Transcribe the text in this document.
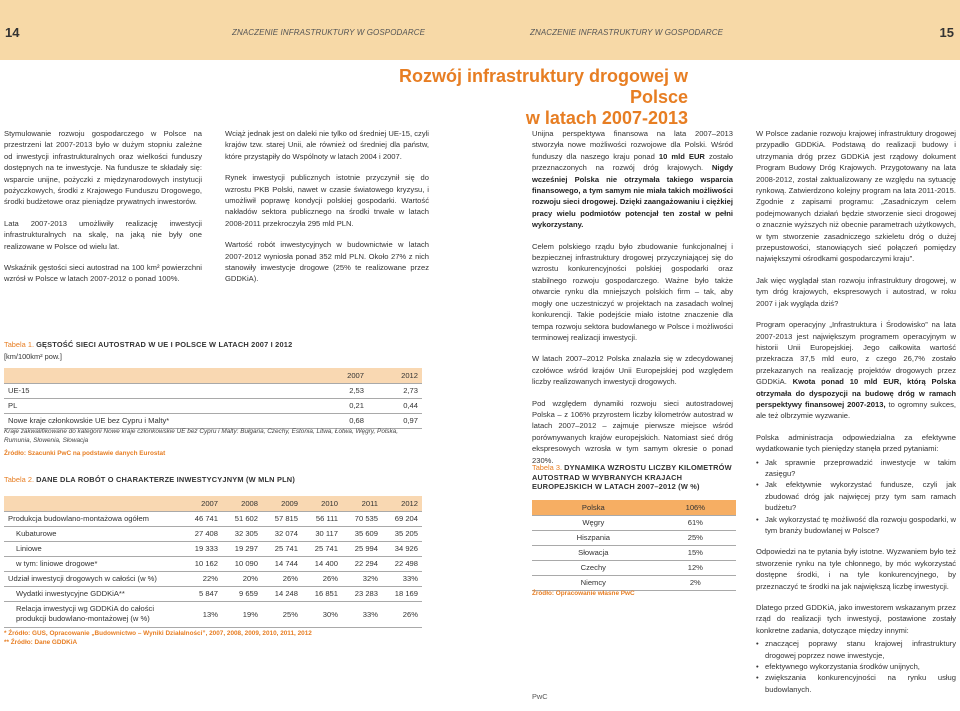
14	ZNACZENIE INFRASTRUKTURY W GOSPODARCE	ZNACZENIE INFRASTRUKTURY W GOSPODARCE	15
Rozwój infrastruktury drogowej w Polsce
w latach 2007-2013

Stymulowanie rozwoju gospodarczego w Polsce na przestrzeni lat 2007-2013 było w dużym stopniu zależne od inwestycji infrastrukturalnych oraz wielkości funduszy dostępnych na te inwestycje. Na fundusze te składały się: wsparcie unijne, pożyczki z międzynarodowych instytucji pożyczkowych, środki z Krajowego Funduszu Drogowego, środki budżetowe oraz pieniądze prywatnych inwestorów.

Lata 2007-2013 umożliwiły realizację inwestycji infrastrukturalnych na skalę, na jaką nie były one realizowane w Polsce od wielu lat.

Wskaźnik gęstości sieci autostrad na 100 km² powierzchni wzrósł w Polsce w latach 2007-2012 o ponad 100%.

Wciąż jednak jest on daleki nie tylko od średniej UE-15, czyli krajów tzw. starej Unii, ale również od średniej dla państw, które przystąpiły do Wspólnoty w latach 2004 i 2007.

Rynek inwestycji publicznych istotnie przyczynił się do wzrostu PKB Polski, nawet w czasie światowego kryzysu, i umożliwił poprawę kondycji polskiej gospodarki. Wartość nakładów sektora publicznego na środki trwałe w latach 2008-2011 przekroczyła 295 mld PLN.

Wartość robót inwestycyjnych w budownictwie w latach 2007-2012 wyniosła ponad 352 mld PLN. Około 27% z nich stanowiły inwestycje drogowe (25% te realizowane przez GDDKiA).

Tabela 1. GĘSTOŚĆ SIECI AUTOSTRAD W UE I POLSCE W LATACH 2007 I 2012
[km/100km² pow.]
	2007	2012
UE-15	2,53	2,73
PL	0,21	0,44
Nowe kraje członkowskie UE bez Cypru i Malty*	0,68	0,97
Kraje zakwalifikowane do kategorii Nowe kraje członkowskie UE bez Cypru i Malty: Bułgaria, Czechy, Estonia, Litwa, Łotwa, Węgry, Polska, Rumunia, Słowenia, Słowacja
Źródło: Szacunki PwC na podstawie danych Eurostat
Tabela 2. DANE DLA ROBÓT O CHARAKTERZE INWESTYCYJNYM (W MLN PLN)
	2007	2008	2009	2010	2011	2012
Produkcja budowlano-montażowa ogółem	46 741	51 602	57 815	56 111	70 535	69 204
Kubaturowe	27 408	32 305	32 074	30 117	35 609	35 205
Liniowe	19 333	19 297	25 741	25 741	25 994	34 926
w tym: liniowe drogowe*	10 162	10 090	14 744	14 400	22 294	22 498
Udział inwestycji drogowych w całości (w %)	22%	20%	26%	26%	32%	33%
Wydatki inwestycyjne GDDKiA**	5 847	9 659	14 248	16 851	23 283	18 169
Relacja inwestycji wg GDDKiA do całości produkcji budowlano-montażowej (w %)	13%	19%	25%	30%	33%	26%
* Źródło: GUS, Opracowanie „Budownictwo – Wyniki Działalności”, 2007, 2008, 2009, 2010, 2011, 2012
** Źródło: Dane GDDKiA

Unijna perspektywa finansowa na lata 2007–2013 stworzyła nowe możliwości rozwojowe dla Polski. Wśród funduszy dla naszego kraju ponad 10 mld EUR zostało przeznaczonych na rozwój dróg krajowych. Nigdy wcześniej Polska nie otrzymała takiego wsparcia finansowego, a tym samym nie miała takich możliwości rozwoju sieci drogowej. Dzięki zaangażowaniu i ciężkiej pracy wielu podmiotów potencjał ten został w pełni wykorzystany.

Celem polskiego rządu było zbudowanie funkcjonalnej i bezpiecznej infrastruktury drogowej przyczyniającej się do wzrostu konkurencyjności polskiej gospodarki oraz stabilnego rozwoju gospodarczego. Ważne było także otwarcie rynku dla mniejszych polskich firm – tak, aby mogły one uczestniczyć w projektach na zasadach wolnej konkurencji. Takie podejście miało istotne znaczenie dla tempa rozwoju sektora budowlanego w Polsce i możliwości terminowej realizacji inwestycji.

W latach 2007–2012 Polska znalazła się w zdecydowanej czołówce wśród krajów Unii Europejskiej pod względem liczby realizowanych inwestycji drogowych.

Pod względem dynamiki rozwoju sieci autostradowej Polska – z 106% przyrostem liczby kilometrów autostrad w latach 2007–2012 – zajmuje pierwsze miejsce wśród porównywanych krajów europejskich. Natomiast sieć dróg ekspresowych wzrosła w tym samym okresie o ponad 230%.

Tabela 3. DYNAMIKA WZROSTU LICZBY KILOMETRÓW
AUTOSTRAD W WYBRANYCH KRAJACH
EUROPEJSKICH W LATACH 2007–2012 (W %)
Polska	106%
Węgry	61%
Hiszpania	25%
Słowacja	15%
Czechy	12%
Niemcy	2%
Źródło: Opracowanie własne PwC

W Polsce zadanie rozwoju krajowej infrastruktury drogowej przypadło GDDKiA. Podstawą do realizacji budowy i utrzymania dróg przez GDDKiA jest rządowy dokument Program Budowy Dróg Krajowych. Przygotowany na lata 2008-2012, został zaktualizowany ze względu na sytuację rynkową. Zatwierdzono kolejny program na lata 2011-2015. Zgodnie z zapisami programu: „Zasadniczym celem podejmowanych działań będzie stworzenie sieci drogowej o znacznie wyższych niż obecnie parametrach użytkowych, w tym stworzenie zasadniczego szkieletu dróg o dużej przepustowości, stanowiących sieć połączeń pomiędzy największymi ośrodkami gospodarczymi kraju”.

Jak więc wyglądał stan rozwoju infrastruktury drogowej, w tym dróg krajowych, ekspresowych i autostrad, w roku 2007 i jak wygląda dziś?

Program operacyjny „Infrastruktura i Środowisko” na lata 2007-2013 jest największym programem operacyjnym w historii Unii Europejskiej. Jego całkowita wartość przekracza 37,5 mld euro, z czego 26,7% zostało przekazanych na realizację projektów drogowych przez GDDKiA. Kwota ponad 10 mld EUR, którą Polska otrzymała do dyspozycji na budowę dróg w ramach perspektywy finansowej 2007-2013, to ogromny sukces, ale też olbrzymie wyzwanie.

Polska administracja odpowiedzialna za efektywne wydatkowanie tych pieniędzy stanęła przed pytaniami:

• Jak sprawnie przeprowadzić inwestycje w takim zasięgu?
• Jak efektywnie wykorzystać fundusze, czyli jak zbudować dróg jak najwięcej przy tym sam ramach budżetu?
• Jak wykorzystać tę możliwość dla rozwoju gospodarki, w tym branży budowlanej w Polsce?

Odpowiedzi na te pytania były istotne. Wyzwaniem było też stworzenie rynku na tyle chłonnego, by móc wykorzystać dostępne środki, i na tyle konkurencyjnego, by przeznaczyć te środki na jak największą liczbę inwestycji.

Dlatego przed GDDKiA, jako inwestorem wskazanym przez rząd do realizacji tych inwestycji, postawione zostały konkretne zadania, dotyczące między innymi:

• znaczącej poprawy stanu krajowej infrastruktury drogowej poprzez nowe inwestycje,
• efektywnego wykorzystania środków unijnych,
• zwiększania konkurencyjności na rynku usług budowlanych.
PwC
